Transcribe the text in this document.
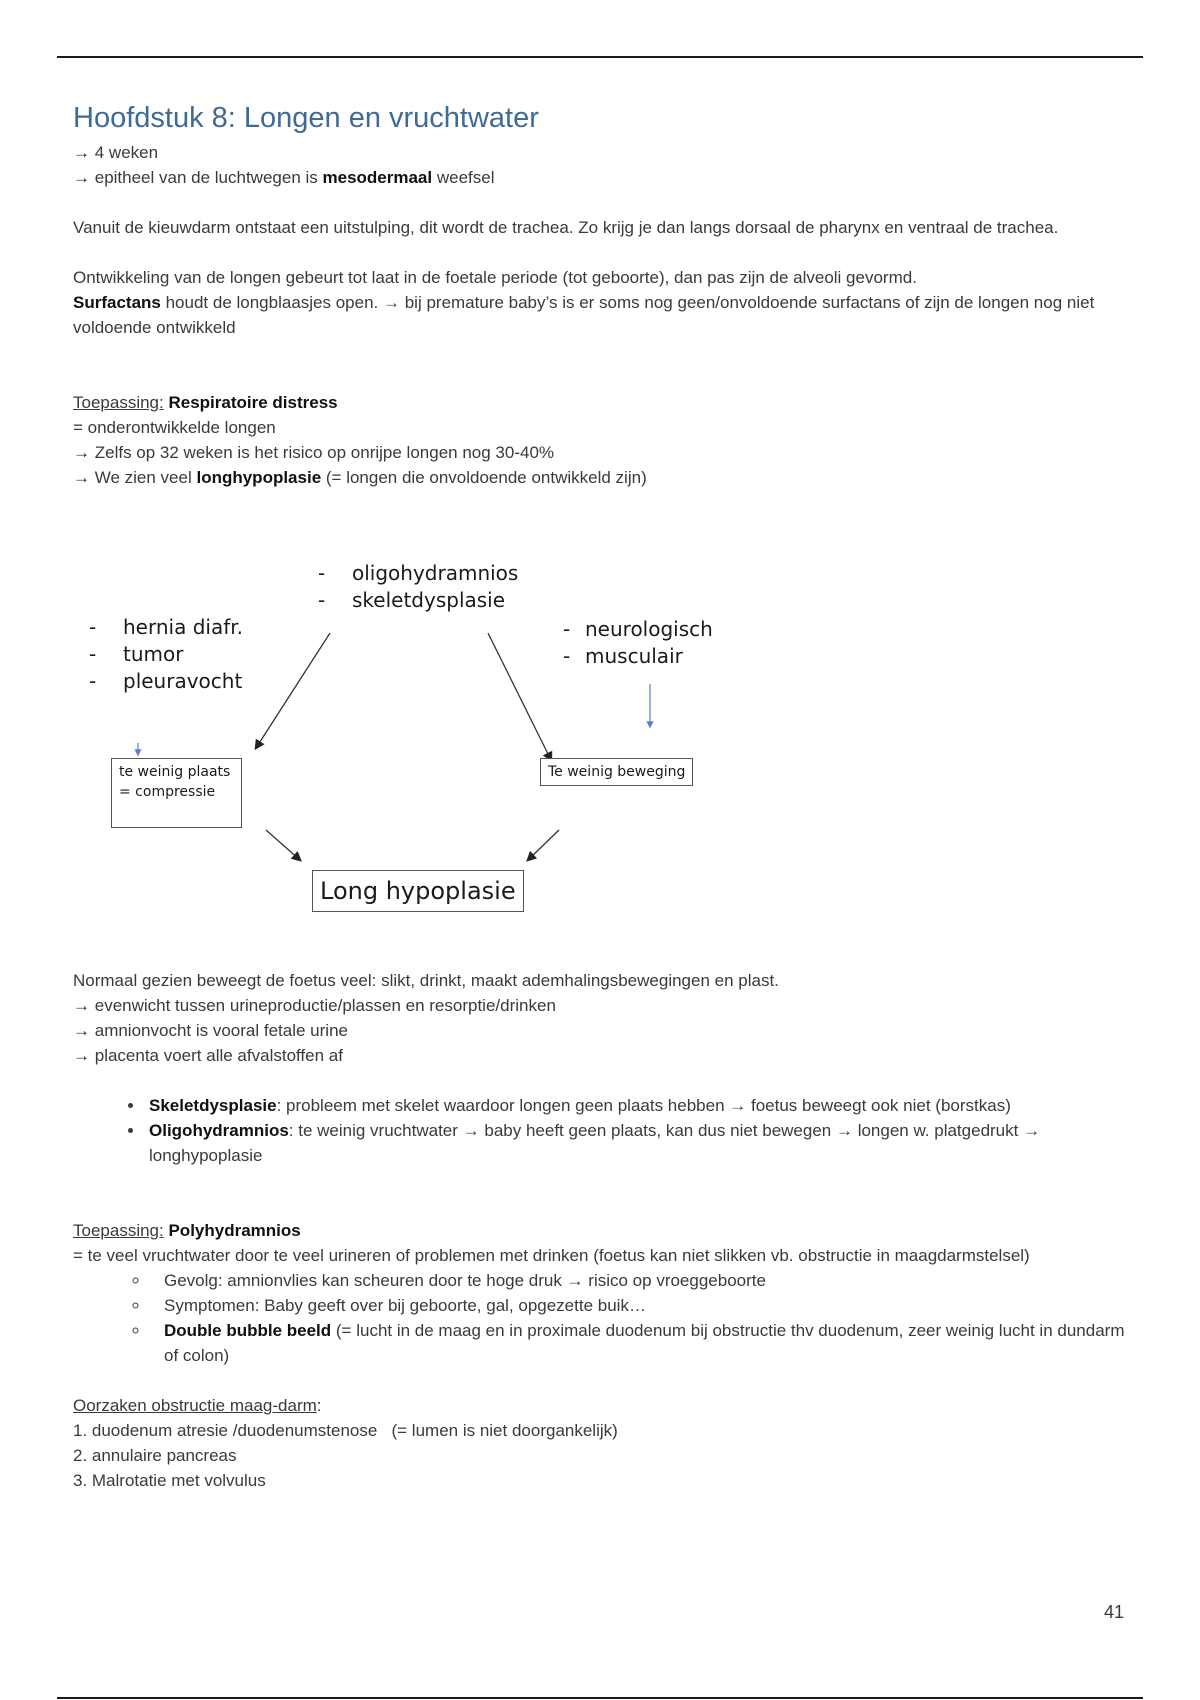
Hoofdstuk 8: Longen en vruchtwater

→ 4 weken

→ epitheel van de luchtwegen is mesodermaal weefsel

Vanuit de kieuwdarm ontstaat een uitstulping, dit wordt de trachea. Zo krijg je dan langs dorsaal de pharynx en ventraal de trachea.

Ontwikkeling van de longen gebeurt tot laat in de foetale periode (tot geboorte), dan pas zijn de alveoli gevormd.

Surfactans houdt de longblaasjes open. → bij premature baby’s is er soms nog geen/onvoldoende surfactans of zijn de longen nog niet voldoende ontwikkeld

Toepassing: Respiratoire distress

= onderontwikkelde longen

→ Zelfs op 32 weken is het risico op onrijpe longen nog 30-40%

→ We zien veel longhypoplasie (= longen die onvoldoende ontwikkeld zijn)

- oligohydramnios
- skeletdysplasie
- hernia diafr.
- tumor
- pleuravocht
- neurologisch
- musculair
te weinig plaats
= compressie
Te weinig beweging
Long hypoplasie

Normaal gezien beweegt de foetus veel: slikt, drinkt, maakt ademhalingsbewegingen en plast.

→ evenwicht tussen urineproductie/plassen en resorptie/drinken

→ amnionvocht is vooral fetale urine

→ placenta voert alle afvalstoffen af

• Skeletdysplasie: probleem met skelet waardoor longen geen plaats hebben → foetus beweegt ook niet (borstkas)
• Oligohydramnios: te weinig vruchtwater → baby heeft geen plaats, kan dus niet bewegen → longen w. platgedrukt → longhypoplasie

Toepassing: Polyhydramnios

= te veel vruchtwater door te veel urineren of problemen met drinken (foetus kan niet slikken vb. obstructie in maagdarmstelsel)

◦ Gevolg: amnionvlies kan scheuren door te hoge druk → risico op vroeggeboorte
◦ Symptomen: Baby geeft over bij geboorte, gal, opgezette buik…
◦ Double bubble beeld (= lucht in de maag en in proximale duodenum bij obstructie thv duodenum, zeer weinig lucht in dundarm of colon)

Oorzaken obstructie maag-darm:

1. duodenum atresie /duodenumstenose   (= lumen is niet doorgankelijk)

2. annulaire pancreas

3. Malrotatie met volvulus

41
